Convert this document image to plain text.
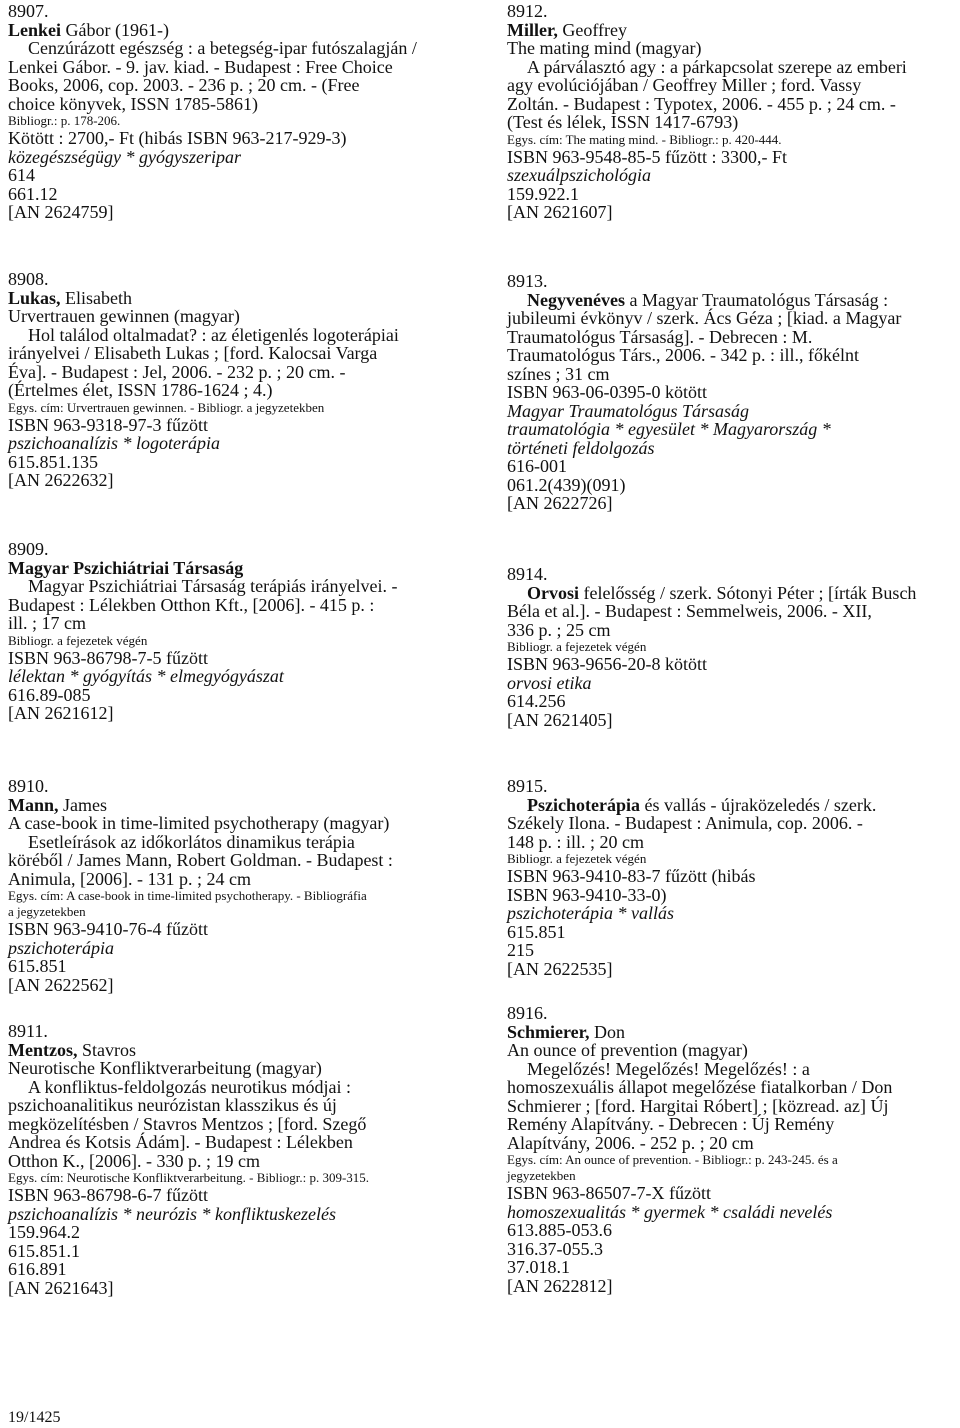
8907.
Lenkei Gábor (1961-)
Cenzúrázott egészség : a betegség-ipar futószalagján /
Lenkei Gábor. - 9. jav. kiad. - Budapest : Free Choice
Books, 2006, cop. 2003. - 236 p. ; 20 cm. - (Free
choice könyvek, ISSN 1785-5861)
Bibliogr.: p. 178-206.
Kötött : 2700,- Ft (hibás ISBN 963-217-929-3)
közegészségügy * gyógyszeripar
614
661.12
[AN 2624759]
8908.
Lukas, Elisabeth
Urvertrauen gewinnen (magyar)
Hol találod oltalmadat? : az életigenlés logoterápiai
irányelvei / Elisabeth Lukas ; [ford. Kalocsai Varga
Éva]. - Budapest : Jel, 2006. - 232 p. ; 20 cm. -
(Értelmes élet, ISSN 1786-1624 ; 4.)
Egys. cím: Urvertrauen gewinnen. - Bibliogr. a jegyzetekben
ISBN 963-9318-97-3 fűzött
pszichoanalízis * logoterápia
615.851.135
[AN 2622632]
8909.
Magyar Pszichiátriai Társaság
Magyar Pszichiátriai Társaság terápiás irányelvei. -
Budapest : Lélekben Otthon Kft., [2006]. - 415 p. :
ill. ; 17 cm
Bibliogr. a fejezetek végén
ISBN 963-86798-7-5 fűzött
lélektan * gyógyítás * elmegyógyászat
616.89-085
[AN 2621612]
8910.
Mann, James
A case-book in time-limited psychotherapy (magyar)
Esetleírások az időkorlátos dinamikus terápia
köréből / James Mann, Robert Goldman. - Budapest :
Animula, [2006]. - 131 p. ; 24 cm
Egys. cím: A case-book in time-limited psychotherapy. - Bibliográfia
a jegyzetekben
ISBN 963-9410-76-4 fűzött
pszichoterápia
615.851
[AN 2622562]
8911.
Mentzos, Stavros
Neurotische Konfliktverarbeitung (magyar)
A konfliktus-feldolgozás neurotikus módjai :
pszichoanalitikus neurózistan klasszikus és új
megközelítésben / Stavros Mentzos ; [ford. Szegő
Andrea és Kotsis Ádám]. - Budapest : Lélekben
Otthon K., [2006]. - 330 p. ; 19 cm
Egys. cím: Neurotische Konfliktverarbeitung. - Bibliogr.: p. 309-315.
ISBN 963-86798-6-7 fűzött
pszichoanalízis * neurózis * konfliktuskezelés
159.964.2
615.851.1
616.891
[AN 2621643]
8912.
Miller, Geoffrey
The mating mind (magyar)
A párválasztó agy : a párkapcsolat szerepe az emberi
agy evolúciójában / Geoffrey Miller ; ford. Vassy
Zoltán. - Budapest : Typotex, 2006. - 455 p. ; 24 cm. -
(Test és lélek, ISSN 1417-6793)
Egys. cím: The mating mind. - Bibliogr.: p. 420-444.
ISBN 963-9548-85-5 fűzött : 3300,- Ft
szexuálpszichológia
159.922.1
[AN 2621607]
8913.
Negyvenéves a Magyar Traumatológus Társaság :
jubileumi évkönyv / szerk. Ács Géza ; [kiad. a Magyar
Traumatológus Társaság]. - Debrecen : M.
Traumatológus Társ., 2006. - 342 p. : ill., főkélnt
színes ; 31 cm
ISBN 963-06-0395-0 kötött
Magyar Traumatológus Társaság
traumatológia * egyesület * Magyarország *
történeti feldolgozás
616-001
061.2(439)(091)
[AN 2622726]
8914.
Orvosi felelősség / szerk. Sótonyi Péter ; [írták Busch
Béla et al.]. - Budapest : Semmelweis, 2006. - XII,
336 p. ; 25 cm
Bibliogr. a fejezetek végén
ISBN 963-9656-20-8 kötött
orvosi etika
614.256
[AN 2621405]
8915.
Pszichoterápia és vallás - újraközeledés / szerk.
Székely Ilona. - Budapest : Animula, cop. 2006. -
148 p. : ill. ; 20 cm
Bibliogr. a fejezetek végén
ISBN 963-9410-83-7 fűzött (hibás
ISBN 963-9410-33-0)
pszichoterápia * vallás
615.851
215
[AN 2622535]
8916.
Schmierer, Don
An ounce of prevention (magyar)
Megelőzés! Megelőzés! Megelőzés! : a
homoszexuális állapot megelőzése fiatalkorban / Don
Schmierer ; [ford. Hargitai Róbert] ; [közread. az] Új
Remény Alapítvány. - Debrecen : Új Remény
Alapítvány, 2006. - 252 p. ; 20 cm
Egys. cím: An ounce of prevention. - Bibliogr.: p. 243-245. és a
jegyzetekben
ISBN 963-86507-7-X fűzött
homoszexualitás * gyermek * családi nevelés
613.885-053.6
316.37-055.3
37.018.1
[AN 2622812]
19/1425
